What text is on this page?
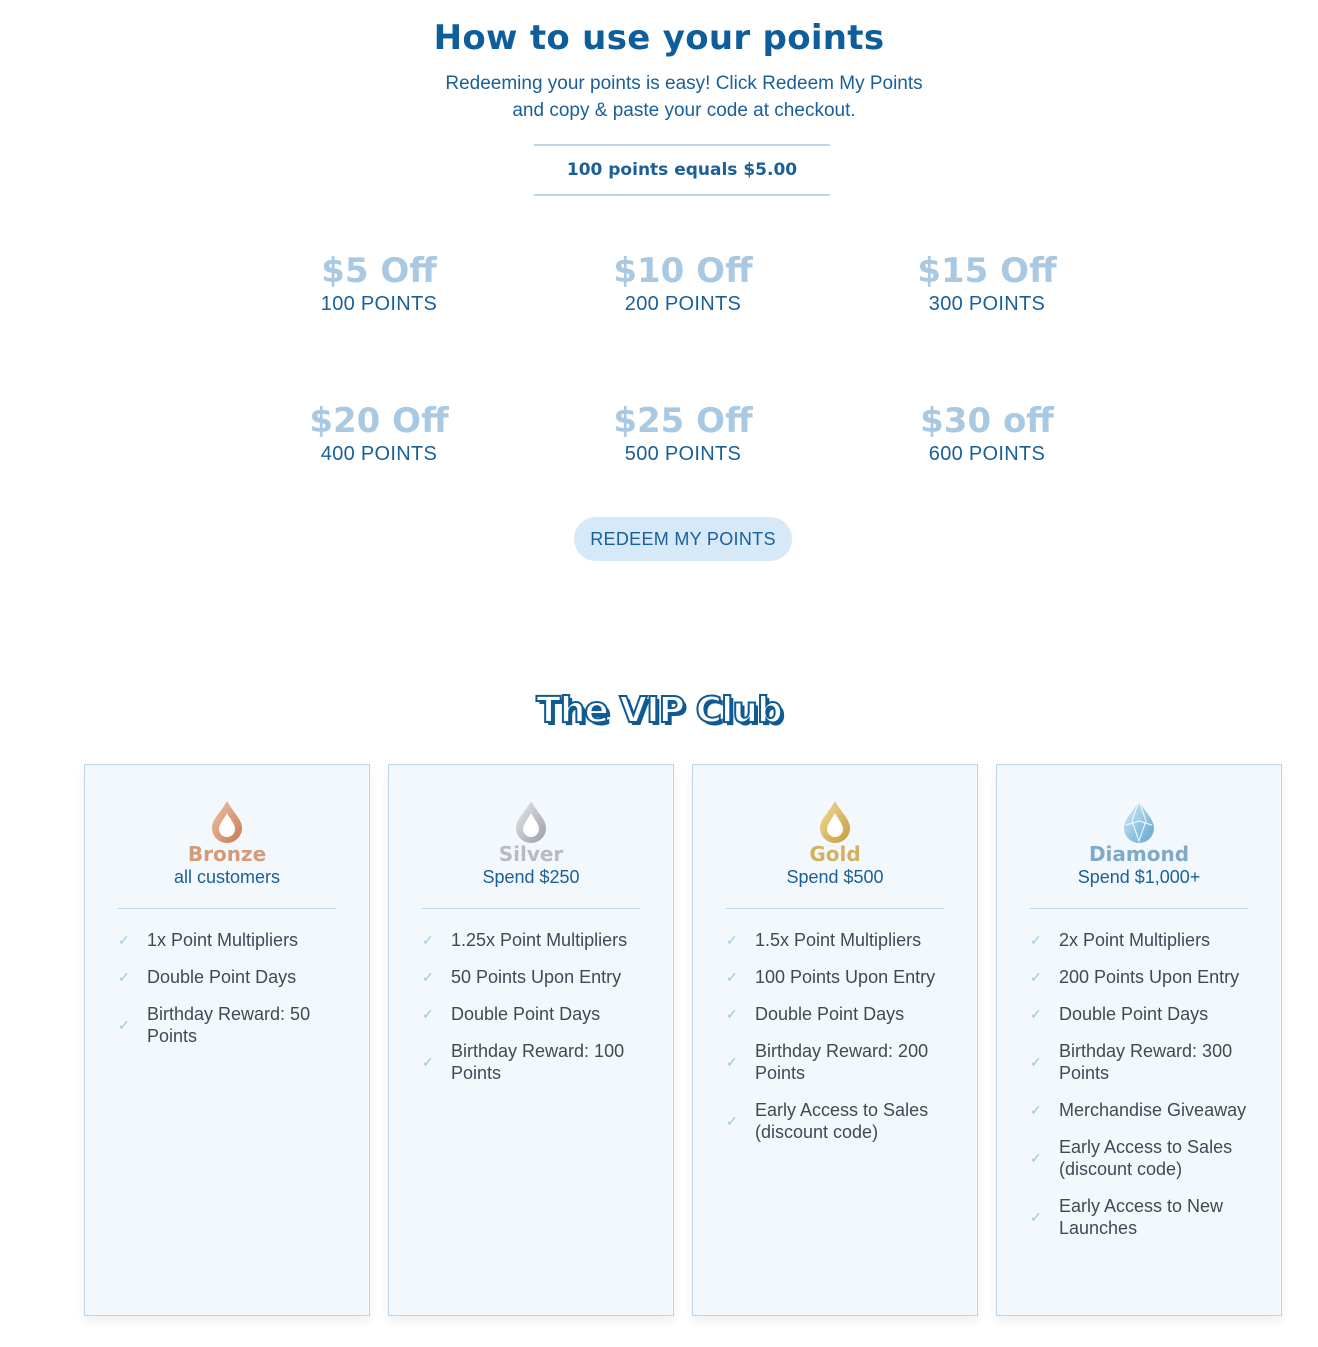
How to use your points
Redeeming your points is easy! Click Redeem My Points
and copy & paste your code at checkout.
100 points equals $5.00
$5 Off
100 POINTS
$10 Off
200 POINTS
$15 Off
300 POINTS
$20 Off
400 POINTS
$25 Off
500 POINTS
$30 off
600 POINTS
REDEEM MY POINTS
The VIP Club
Bronze
all customers
✓ 1x Point Multipliers
✓ Double Point Days
✓
Birthday Reward: 50 Points
Silver
Spend $250
✓ 1.25x Point Multipliers
✓ 50 Points Upon Entry
✓ Double Point Days
✓
Birthday Reward: 100 Points
Gold
Spend $500
✓ 1.5x Point Multipliers
✓ 100 Points Upon Entry
✓ Double Point Days
✓
Birthday Reward: 200 Points
✓
Early Access to Sales (discount code)
Diamond
Spend $1,000+
✓ 2x Point Multipliers
✓ 200 Points Upon Entry
✓ Double Point Days
✓
Birthday Reward: 300 Points
✓ Merchandise Giveaway
✓
Early Access to Sales (discount code)
✓
Early Access to New Launches
